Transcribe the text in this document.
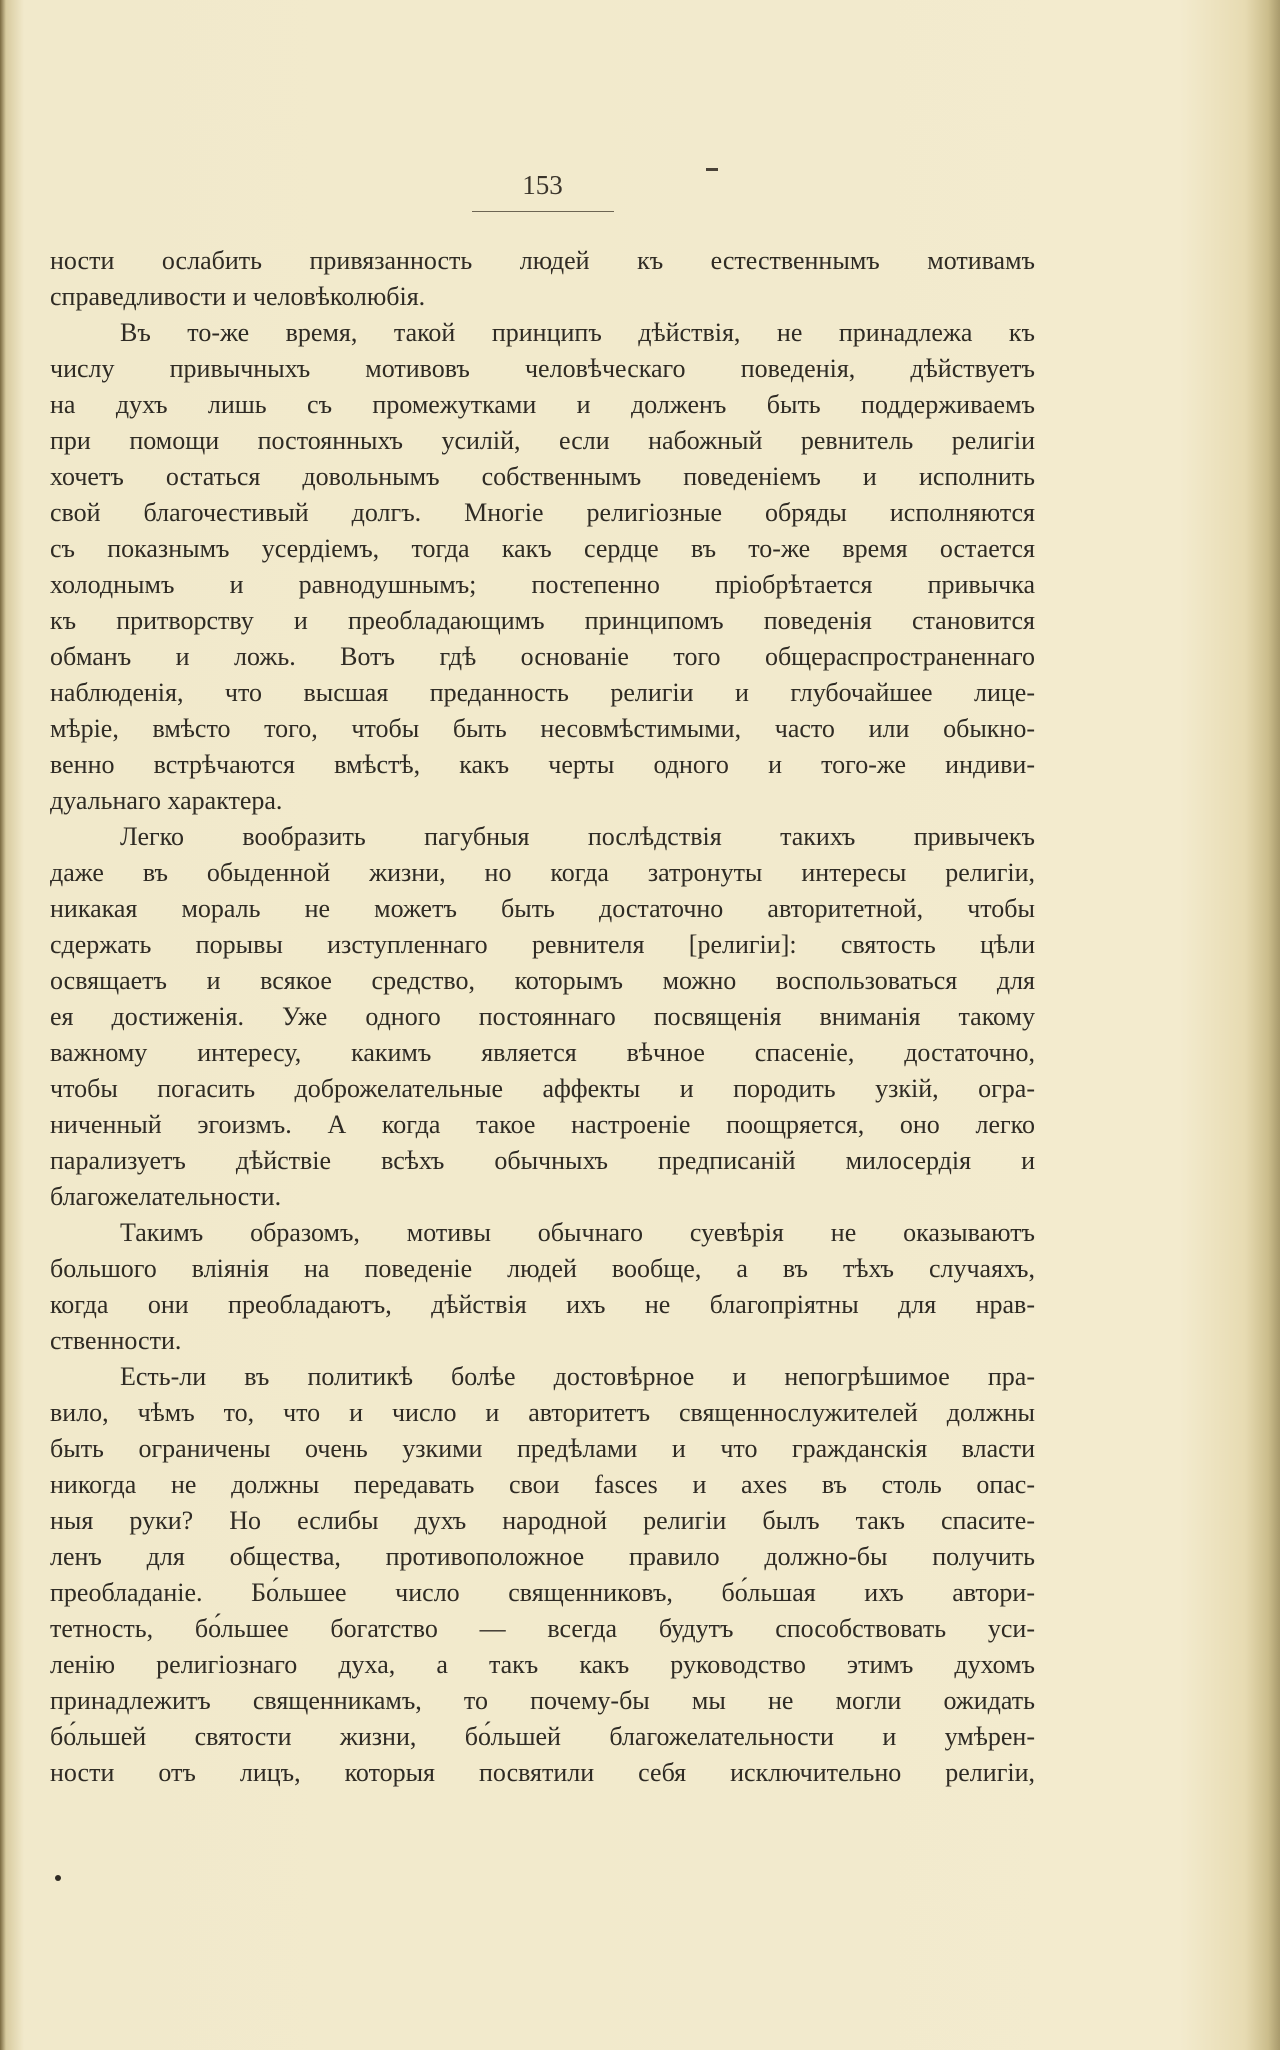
153
ности ослабить привязанность людей къ естественнымъ мотивамъ
справедливости и человѣколюбія.
Въ то-же время, такой принципъ дѣйствія, не принадлежа къ
числу привычныхъ мотивовъ человѣческаго поведенія, дѣйствуетъ
на духъ лишь съ промежутками и долженъ быть поддерживаемъ
при помощи постоянныхъ усилій, если набожный ревнитель религіи
хочетъ остаться довольнымъ собственнымъ поведеніемъ и исполнить
свой благочестивый долгъ. Многіе религіозные обряды исполняются
съ показнымъ усердіемъ, тогда какъ сердце въ то-же время остается
холоднымъ и равнодушнымъ; постепенно пріобрѣтается привычка
къ притворству и преобладающимъ принципомъ поведенія становится
обманъ и ложь. Вотъ гдѣ основаніе того общераспространеннаго
наблюденія, что высшая преданность религіи и глубочайшее лице-
мѣріе, вмѣсто того, чтобы быть несовмѣстимыми, часто или обыкно-
венно встрѣчаются вмѣстѣ, какъ черты одного и того-же индиви-
дуальнаго характера.
Легко вообразить пагубныя послѣдствія такихъ привычекъ
даже въ обыденной жизни, но когда затронуты интересы религіи,
никакая мораль не можетъ быть достаточно авторитетной, чтобы
сдержать порывы изступленнаго ревнителя [религіи]: святость цѣли
освящаетъ и всякое средство, которымъ можно воспользоваться для
ея достиженія. Уже одного постояннаго посвященія вниманія такому
важному интересу, какимъ является вѣчное спасеніе, достаточно,
чтобы погасить доброжелательные аффекты и породить узкій, огра-
ниченный эгоизмъ. А когда такое настроеніе поощряется, оно легко
парализуетъ дѣйствіе всѣхъ обычныхъ предписаній милосердія и
благожелательности.
Такимъ образомъ, мотивы обычнаго суевѣрія не оказываютъ
большого вліянія на поведеніе людей вообще, а въ тѣхъ случаяхъ,
когда они преобладаютъ, дѣйствія ихъ не благопріятны для нрав-
ственности.
Есть-ли въ политикѣ болѣе достовѣрное и непогрѣшимое пра-
вило, чѣмъ то, что и число и авторитетъ священнослужителей должны
быть ограничены очень узкими предѣлами и что гражданскія власти
никогда не должны передавать свои fasces и axes въ столь опас-
ныя руки? Но еслибы духъ народной религіи былъ такъ спасите-
ленъ для общества, противоположное правило должно-бы получить
преобладаніе. Бо́льшее число священниковъ, бо́льшая ихъ автори-
тетность, бо́льшее богатство — всегда будутъ способствовать уси-
ленію религіознаго духа, а такъ какъ руководство этимъ духомъ
принадлежитъ священникамъ, то почему-бы мы не могли ожидать
бо́льшей святости жизни, бо́льшей благожелательности и умѣрен-
ности отъ лицъ, которыя посвятили себя исключительно религіи,
